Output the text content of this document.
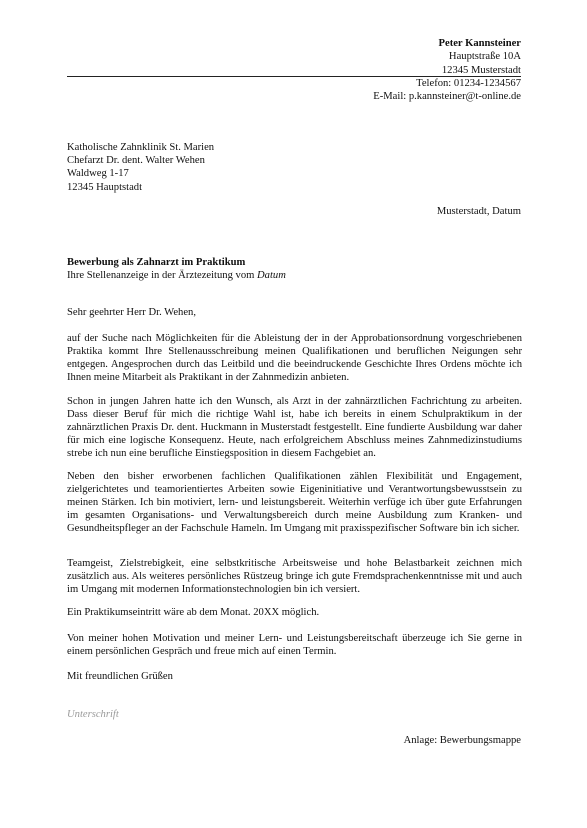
Peter Kannsteiner
Hauptstraße 10A
12345 Musterstadt
Telefon: 01234-1234567
E-Mail: p.kannsteiner@t-online.de
Katholische Zahnklinik St. Marien
Chefarzt Dr. dent. Walter Wehen
Waldweg 1-17
12345 Hauptstadt
Musterstadt, Datum
Bewerbung als Zahnarzt im Praktikum
Ihre Stellenanzeige in der Ärztezeitung vom Datum

Sehr geehrter Herr Dr. Wehen,

auf der Suche nach Möglichkeiten für die Ableistung der in der Approbationsordnung vorgeschriebenen Praktika kommt Ihre Stellenausschreibung meinen Qualifikationen und beruflichen Neigungen sehr entgegen. Angesprochen durch das Leitbild und die beeindruckende Geschichte Ihres Ordens möchte ich Ihnen meine Mitarbeit als Praktikant in der Zahnmedizin anbieten.

Schon in jungen Jahren hatte ich den Wunsch, als Arzt in der zahnärztlichen Fachrichtung zu arbeiten. Dass dieser Beruf für mich die richtige Wahl ist, habe ich bereits in einem Schulpraktikum in der zahnärztlichen Praxis Dr. dent. Huckmann in Musterstadt festgestellt. Eine fundierte Ausbildung war daher für mich eine logische Konsequenz. Heute, nach erfolgreichem Abschluss meines Zahnmedizinstudiums strebe ich nun eine berufliche Einstiegsposition in diesem Fachgebiet an.

Neben den bisher erworbenen fachlichen Qualifikationen zählen Flexibilität und Engagement, zielgerichtetes und teamorientiertes Arbeiten sowie Eigeninitiative und Verantwortungsbewusstsein zu meinen Stärken. Ich bin motiviert, lern- und leistungsbereit. Weiterhin verfüge ich über gute Erfahrungen im gesamten Organisations- und Verwaltungsbereich durch meine Ausbildung zum Kranken- und Gesundheitspfleger an der Fachschule Hameln. Im Umgang mit praxisspezifischer Software bin ich sicher.

Teamgeist, Zielstrebigkeit, eine selbstkritische Arbeitsweise und hohe Belastbarkeit zeichnen mich zusätzlich aus. Als weiteres persönliches Rüstzeug bringe ich gute Fremdsprachenkenntnisse mit und auch im Umgang mit modernen Informationstechnologien bin ich versiert.

Ein Praktikumseintritt wäre ab dem Monat. 20XX möglich.

Von meiner hohen Motivation und meiner Lern- und Leistungsbereitschaft überzeuge ich Sie gerne in einem persönlichen Gespräch und freue mich auf einen Termin.

Mit freundlichen Grüßen

Unterschrift
Anlage: Bewerbungsmappe
